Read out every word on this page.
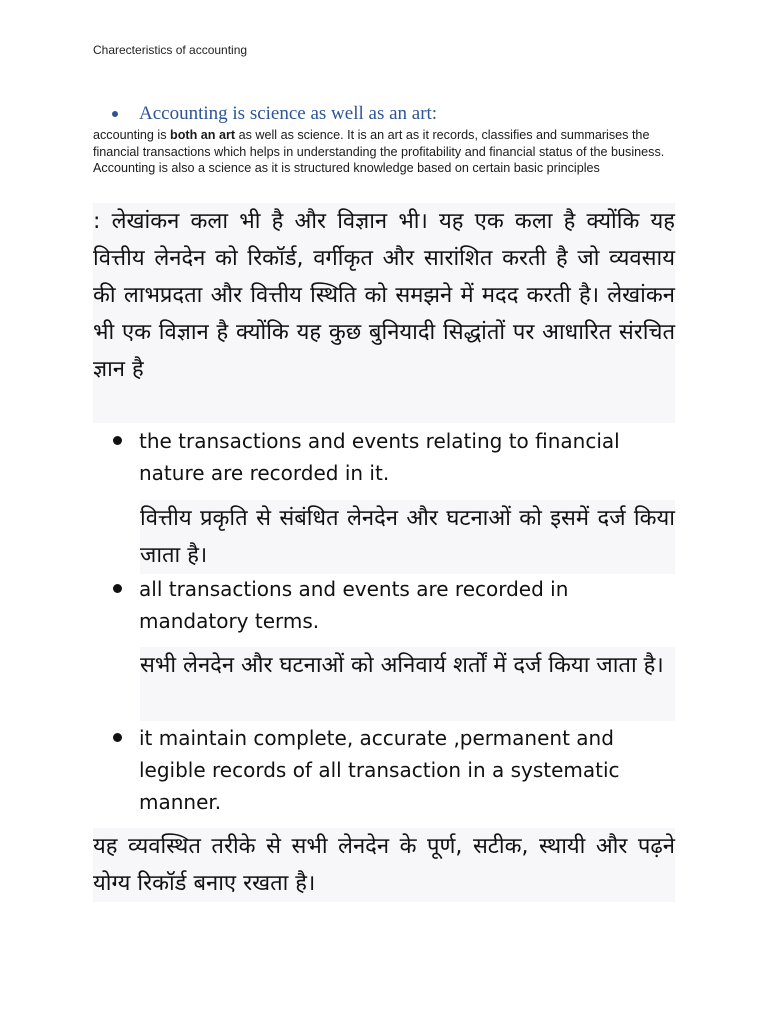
Charecteristics of accounting
Accounting is science as well as an art:
accounting is both an art as well as science. It is an art as it records, classifies and summarises the financial transactions which helps in understanding the profitability and financial status of the business. Accounting is also a science as it is structured knowledge based on certain basic principles
: लेखांकन कला भी है और विज्ञान भी। यह एक कला है क्योंकि यह वित्तीय लेनदेन को रिकॉर्ड, वर्गीकृत और सारांशित करती है जो व्यवसाय की लाभप्रदता और वित्तीय स्थिति को समझने में मदद करती है। लेखांकन भी एक विज्ञान है क्योंकि यह कुछ बुनियादी सिद्धांतों पर आधारित संरचित ज्ञान है
the transactions and events relating to financial nature are recorded in it.
वित्तीय प्रकृति से संबंधित लेनदेन और घटनाओं को इसमें दर्ज किया जाता है।
all transactions and events are recorded in mandatory terms.
सभी लेनदेन और घटनाओं को अनिवार्य शर्तों में दर्ज किया जाता है।
it maintain complete, accurate ,permanent and legible records of all transaction in a systematic manner.
यह व्यवस्थित तरीके से सभी लेनदेन के पूर्ण, सटीक, स्थायी और पढ़ने योग्य रिकॉर्ड बनाए रखता है।
